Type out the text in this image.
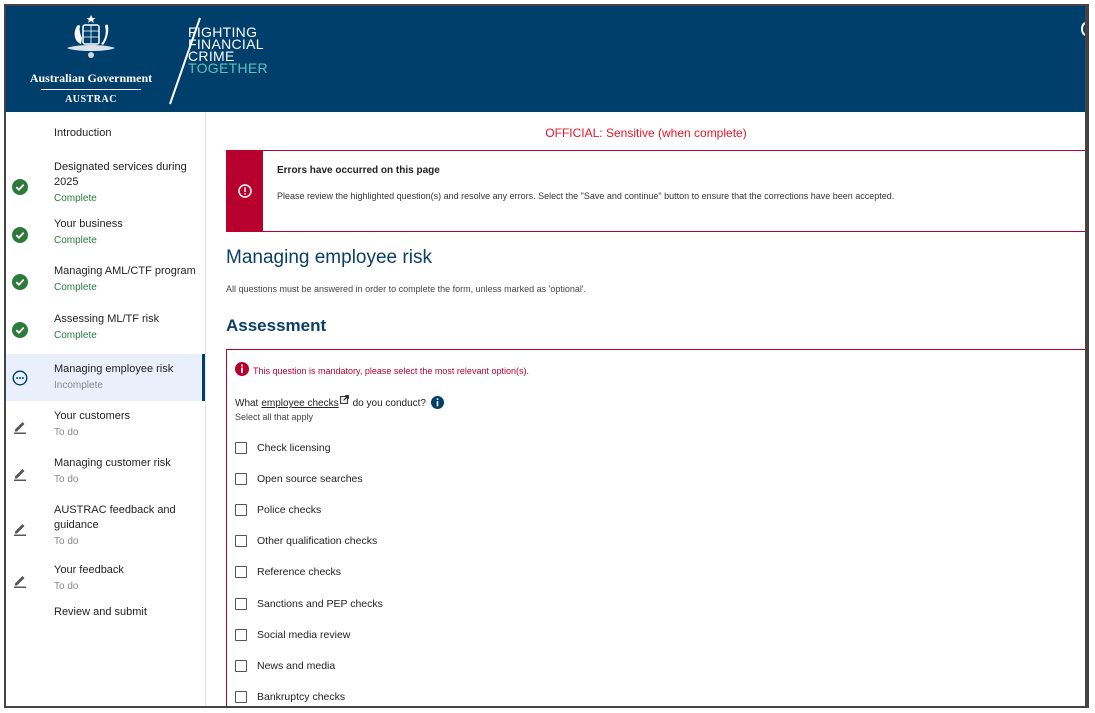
Australian Government
AUSTRAC
FIGHTING
FINANCIAL
CRIME
TOGETHER
Introduction
Designated services during 2025
Complete
Your business
Complete
Managing AML/CTF program
Complete
Assessing ML/TF risk
Complete
Managing employee risk
Incomplete
Your customers
To do
Managing customer risk
To do
AUSTRAC feedback and guidance
To do
Your feedback
To do
Review and submit
OFFICIAL: Sensitive (when complete)
Errors have occurred on this page
Please review the highlighted question(s) and resolve any errors. Select the "Save and continue" button to ensure that the corrections have been accepted.
Managing employee risk
All questions must be answered in order to complete the form, unless marked as 'optional'.
Assessment
This question is mandatory, please select the most relevant option(s).
What employee checks do you conduct?
Select all that apply
Check licensing
Open source searches
Police checks
Other qualification checks
Reference checks
Sanctions and PEP checks
Social media review
News and media
Bankruptcy checks
